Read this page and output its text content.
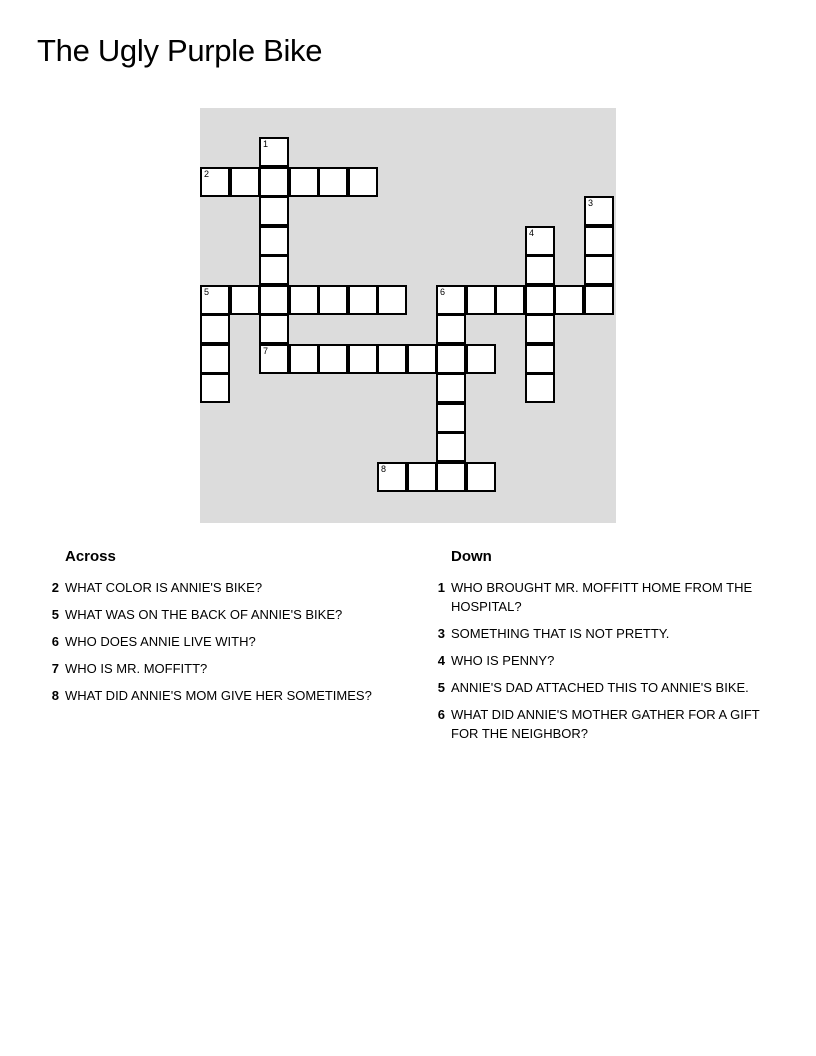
The Ugly Purple Bike
1
2
3
4
5	6
7
8
Across
2 WHAT COLOR IS ANNIE'S BIKE?
5 WHAT WAS ON THE BACK OF ANNIE'S BIKE?
6 WHO DOES ANNIE LIVE WITH?
7 WHO IS MR. MOFFITT?
8 WHAT DID ANNIE'S MOM GIVE HER SOMETIMES?
Down
1 WHO BROUGHT MR. MOFFITT HOME FROM THE HOSPITAL?
3 SOMETHING THAT IS NOT PRETTY.
4 WHO IS PENNY?
5 ANNIE'S DAD ATTACHED THIS TO ANNIE'S BIKE.
6 WHAT DID ANNIE'S MOTHER GATHER FOR A GIFT FOR THE NEIGHBOR?
